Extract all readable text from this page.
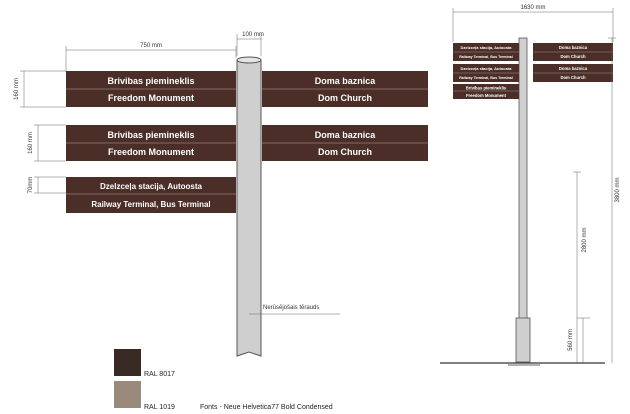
750 mm
100 mm
160 mm
160 mm
70mm
Brivibas piemineklis
Freedom Monument
Doma baznica
Dom Church
Brivibas piemineklis
Freedom Monument
Doma baznica
Dom Church
Dzelzceļa stacija, Autoosta
Railway Terminal, Bus Terminal
Nerūsējošais tērauds
RAL 8017
RAL 1019	Fonts - Neue Helvetica77 Bold Condensed
1630 mm
Dzelzceļa stacija, Autoosta
Railway Terminal, Bus Terminal
Doma baznica
Dom Church
Dzelzceļa stacija, Autoosta
Railway Terminal, Bus Terminal
Doma baznica
Dom Church
Brivibas piemineklis
Freedom Monument
3800 mm
2800 mm
560 mm
